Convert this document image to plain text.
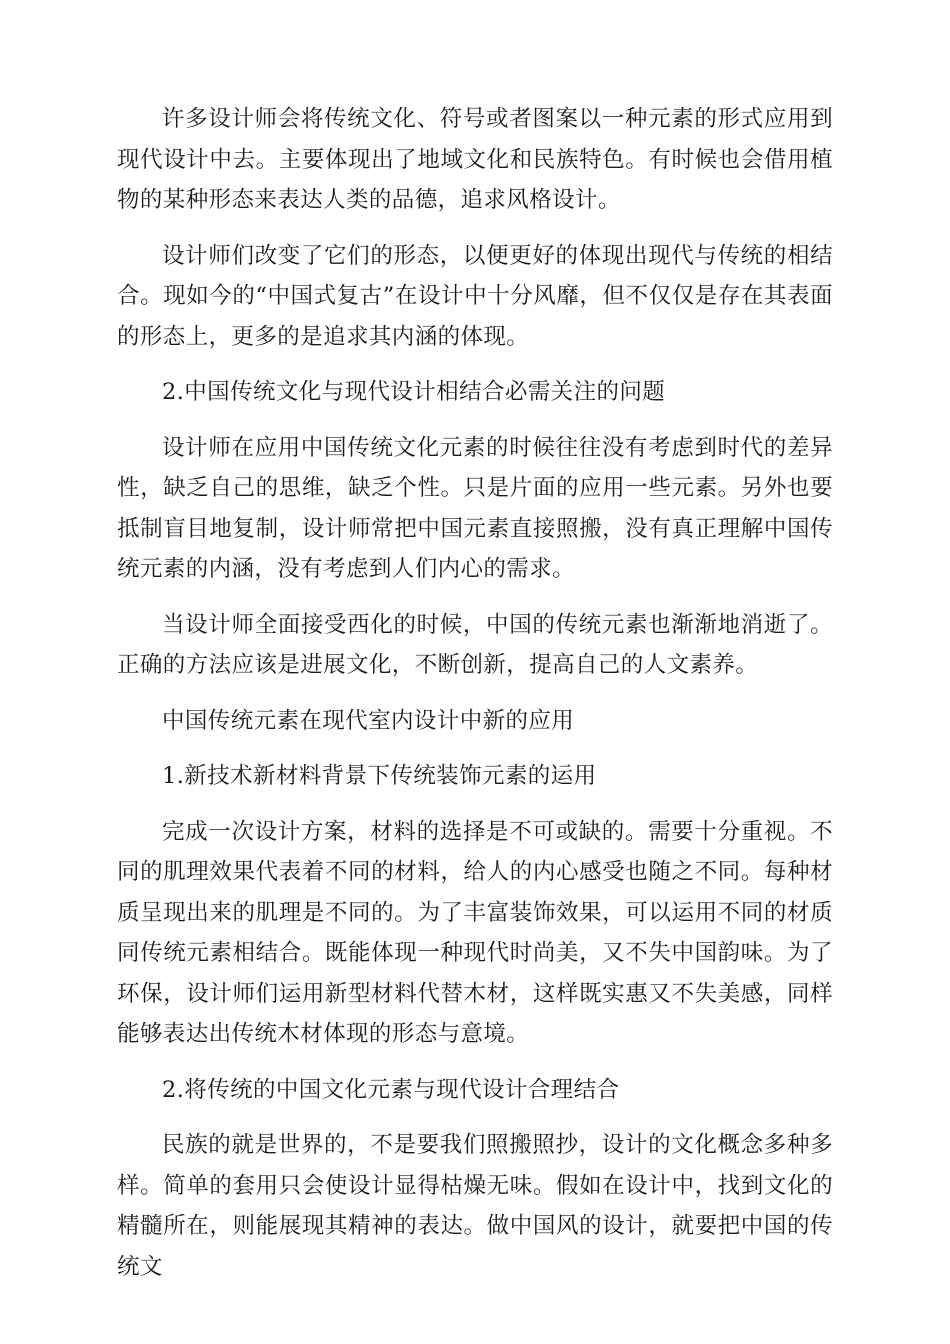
许多设计师会将传统文化、符号或者图案以一种元素的形式应用到现代设计中去。主要体现出了地域文化和民族特色。有时候也会借用植物的某种形态来表达人类的品德，追求风格设计。

设计师们改变了它们的形态，以便更好的体现出现代与传统的相结合。现如今的“中国式复古”在设计中十分风靡，但不仅仅是存在其表面的形态上，更多的是追求其内涵的体现。

2.中国传统文化与现代设计相结合必需关注的问题

设计师在应用中国传统文化元素的时候往往没有考虑到时代的差异性，缺乏自己的思维，缺乏个性。只是片面的应用一些元素。另外也要抵制盲目地复制，设计师常把中国元素直接照搬，没有真正理解中国传统元素的内涵，没有考虑到人们内心的需求。

当设计师全面接受西化的时候，中国的传统元素也渐渐地消逝了。正确的方法应该是进展文化，不断创新，提高自己的人文素养。

中国传统元素在现代室内设计中新的应用

1.新技术新材料背景下传统装饰元素的运用

完成一次设计方案，材料的选择是不可或缺的。需要十分重视。不同的肌理效果代表着不同的材料，给人的内心感受也随之不同。每种材质呈现出来的肌理是不同的。为了丰富装饰效果，可以运用不同的材质同传统元素相结合。既能体现一种现代时尚美，又不失中国韵味。为了环保，设计师们运用新型材料代替木材，这样既实惠又不失美感，同样能够表达出传统木材体现的形态与意境。

2.将传统的中国文化元素与现代设计合理结合

民族的就是世界的，不是要我们照搬照抄，设计的文化概念多种多样。简单的套用只会使设计显得枯燥无味。假如在设计中，找到文化的精髓所在，则能展现其精神的表达。做中国风的设计，就要把中国的传统文
